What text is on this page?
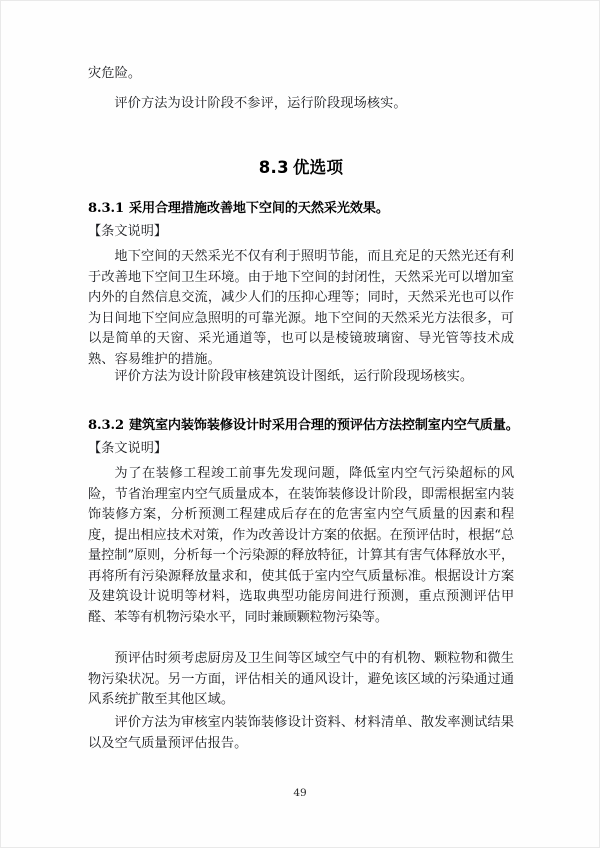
灾危险。

评价方法为设计阶段不参评，运行阶段现场核实。

8.3 优选项
8.3.1 采用合理措施改善地下空间的天然采光效果。

【条文说明】

地下空间的天然采光不仅有利于照明节能，而且充足的天然光还有利于改善地下空间卫生环境。由于地下空间的封闭性，天然采光可以增加室内外的自然信息交流，减少人们的压抑心理等；同时，天然采光也可以作为日间地下空间应急照明的可靠光源。地下空间的天然采光方法很多，可以是简单的天窗、采光通道等，也可以是棱镜玻璃窗、导光管等技术成熟、容易维护的措施。

评价方法为设计阶段审核建筑设计图纸，运行阶段现场核实。

8.3.2 建筑室内装饰装修设计时采用合理的预评估方法控制室内空气质量。

【条文说明】

为了在装修工程竣工前事先发现问题，降低室内空气污染超标的风险，节省治理室内空气质量成本，在装饰装修设计阶段，即需根据室内装饰装修方案，分析预测工程建成后存在的危害室内空气质量的因素和程度，提出相应技术对策，作为改善设计方案的依据。在预评估时，根据“总量控制”原则，分析每一个污染源的释放特征，计算其有害气体释放水平，再将所有污染源释放量求和，使其低于室内空气质量标准。根据设计方案及建筑设计说明等材料，选取典型功能房间进行预测，重点预测评估甲醛、苯等有机物污染水平，同时兼顾颗粒物污染等。

预评估时须考虑厨房及卫生间等区域空气中的有机物、颗粒物和微生物污染状况。另一方面，评估相关的通风设计，避免该区域的污染通过通风系统扩散至其他区域。

评价方法为审核室内装饰装修设计资料、材料清单、散发率测试结果以及空气质量预评估报告。

49
